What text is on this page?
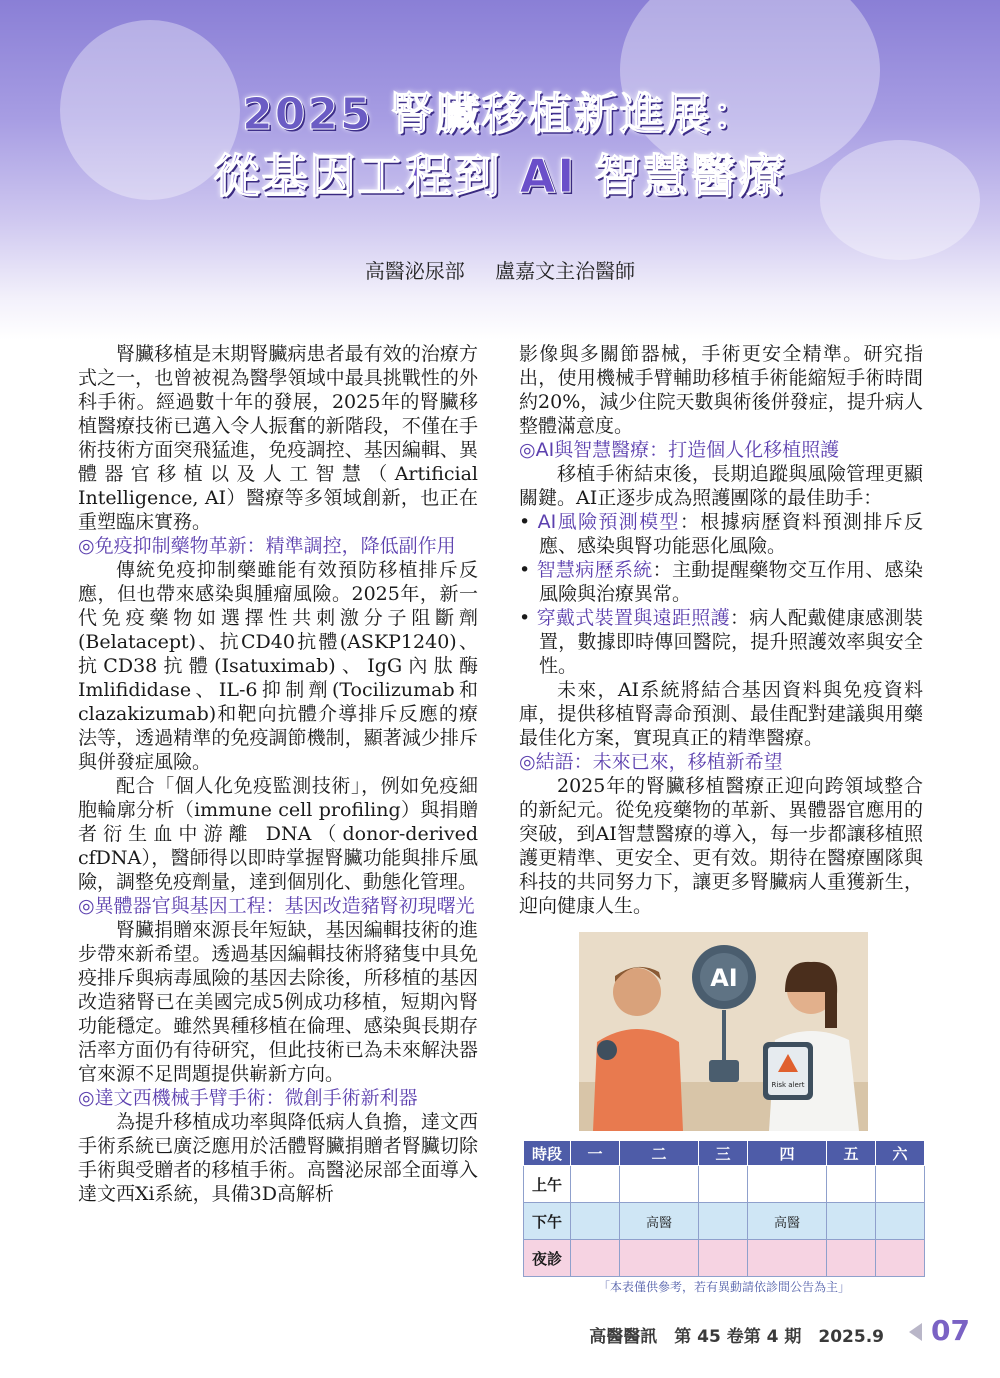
2025 腎臟移植新進展：
從基因工程到 AI 智慧醫療
高醫泌尿部 盧嘉文主治醫師

腎臟移植是末期腎臟病患者最有效的治療方式之一，也曾被視為醫學領域中最具挑戰性的外科手術。經過數十年的發展，2025年的腎臟移植醫療技術已邁入令人振奮的新階段，不僅在手術技術方面突飛猛進，免疫調控、基因編輯、異體器官移植以及人工智慧（Artificial Intelligence, AI）醫療等多領域創新，也正在重塑臨床實務。

◎免疫抑制藥物革新：精準調控，降低副作用

傳統免疫抑制藥雖能有效預防移植排斥反應，但也帶來感染與腫瘤風險。2025年，新一代免疫藥物如選擇性共刺激分子阻斷劑(Belatacept)、抗CD40抗體(ASKP1240)、抗CD38抗體(Isatuximab)、IgG內肽酶Imlifididase、IL-6抑制劑(Tocilizumab和clazakizumab)和靶向抗體介導排斥反應的療法等，透過精準的免疫調節機制，顯著減少排斥與併發症風險。

配合「個人化免疫監測技術」，例如免疫細胞輪廓分析（immune cell profiling）與捐贈者衍生血中游離 DNA（donor-derived cfDNA），醫師得以即時掌握腎臟功能與排斥風險，調整免疫劑量，達到個別化、動態化管理。

◎異體器官與基因工程：基因改造豬腎初現曙光

腎臟捐贈來源長年短缺，基因編輯技術的進步帶來新希望。透過基因編輯技術將豬隻中具免疫排斥與病毒風險的基因去除後，所移植的基因改造豬腎已在美國完成5例成功移植，短期內腎功能穩定。雖然異種移植在倫理、感染與長期存活率方面仍有待研究，但此技術已為未來解決器官來源不足問題提供嶄新方向。

◎達文西機械手臂手術：微創手術新利器

為提升移植成功率與降低病人負擔，達文西手術系統已廣泛應用於活體腎臟捐贈者腎臟切除手術與受贈者的移植手術。高醫泌尿部全面導入達文西Xi系統，具備3D高解析

影像與多關節器械，手術更安全精準。研究指出，使用機械手臂輔助移植手術能縮短手術時間約20%，減少住院天數與術後併發症，提升病人整體滿意度。

◎AI與智慧醫療：打造個人化移植照護

移植手術結束後，長期追蹤與風險管理更顯關鍵。AI正逐步成為照護團隊的最佳助手：

• AI風險預測模型：根據病歷資料預測排斥反應、感染與腎功能惡化風險。
• 智慧病歷系統：主動提醒藥物交互作用、感染風險與治療異常。
• 穿戴式裝置與遠距照護：病人配戴健康感測裝置，數據即時傳回醫院，提升照護效率與安全性。

未來，AI系統將結合基因資料與免疫資料庫，提供移植腎壽命預測、最佳配對建議與用藥最佳化方案，實現真正的精準醫療。

◎結語：未來已來，移植新希望

2025年的腎臟移植醫療正迎向跨領域整合的新紀元。從免疫藥物的革新、異體器官應用的突破，到AI智慧醫療的導入，每一步都讓移植照護更精準、更安全、更有效。期待在醫療團隊與科技的共同努力下，讓更多腎臟病人重獲新生，迎向健康人生。

AI
Risk alert
時段	一	二	三	四	五	六
上午						
下午		高醫		高醫		
夜診						
「本表僅供參考，若有異動請依診間公告為主」
高醫醫訊　第 45 卷第 4 期　2025.9 07
